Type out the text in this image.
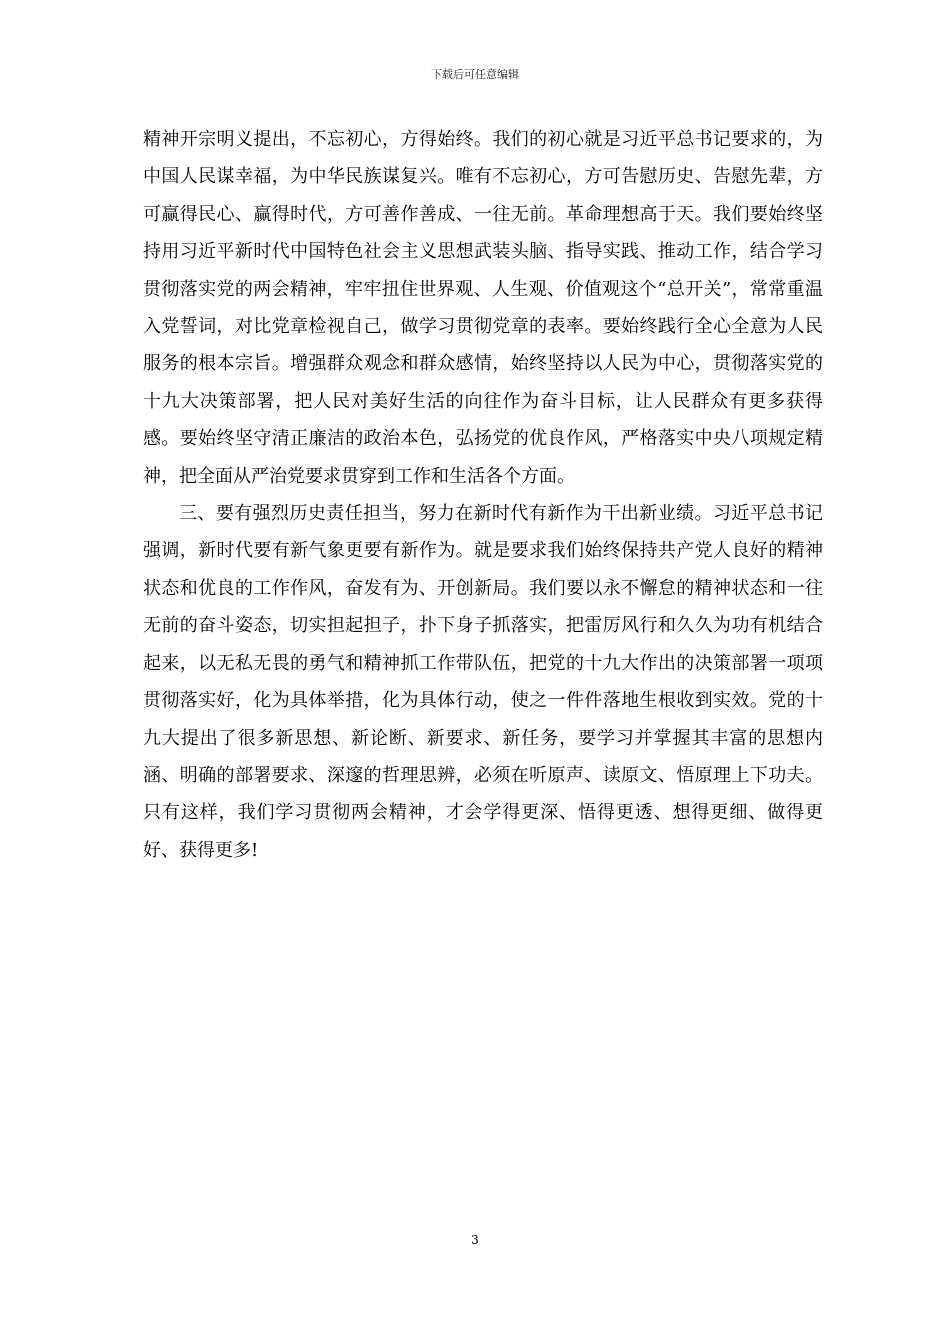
下载后可任意编辑

精神开宗明义提出，不忘初心，方得始终。我们的初心就是习近平总书记要求的，为中国人民谋幸福，为中华民族谋复兴。唯有不忘初心，方可告慰历史、告慰先辈，方可赢得民心、赢得时代，方可善作善成、一往无前。革命理想高于天。我们要始终坚持用习近平新时代中国特色社会主义思想武装头脑、指导实践、推动工作，结合学习贯彻落实党的两会精神，牢牢扭住世界观、人生观、价值观这个“总开关”，常常重温入党誓词，对比党章检视自己，做学习贯彻党章的表率。要始终践行全心全意为人民服务的根本宗旨。增强群众观念和群众感情，始终坚持以人民为中心，贯彻落实党的十九大决策部署，把人民对美好生活的向往作为奋斗目标，让人民群众有更多获得感。要始终坚守清正廉洁的政治本色，弘扬党的优良作风，严格落实中央八项规定精神，把全面从严治党要求贯穿到工作和生活各个方面。

三、要有强烈历史责任担当，努力在新时代有新作为干出新业绩。习近平总书记强调，新时代要有新气象更要有新作为。就是要求我们始终保持共产党人良好的精神状态和优良的工作作风，奋发有为、开创新局。我们要以永不懈怠的精神状态和一往无前的奋斗姿态，切实担起担子，扑下身子抓落实，把雷厉风行和久久为功有机结合起来，以无私无畏的勇气和精神抓工作带队伍，把党的十九大作出的决策部署一项项贯彻落实好，化为具体举措，化为具体行动，使之一件件落地生根收到实效。党的十九大提出了很多新思想、新论断、新要求、新任务，要学习并掌握其丰富的思想内涵、明确的部署要求、深邃的哲理思辨，必须在听原声、读原文、悟原理上下功夫。只有这样，我们学习贯彻两会精神，才会学得更深、悟得更透、想得更细、做得更好、获得更多!

3
